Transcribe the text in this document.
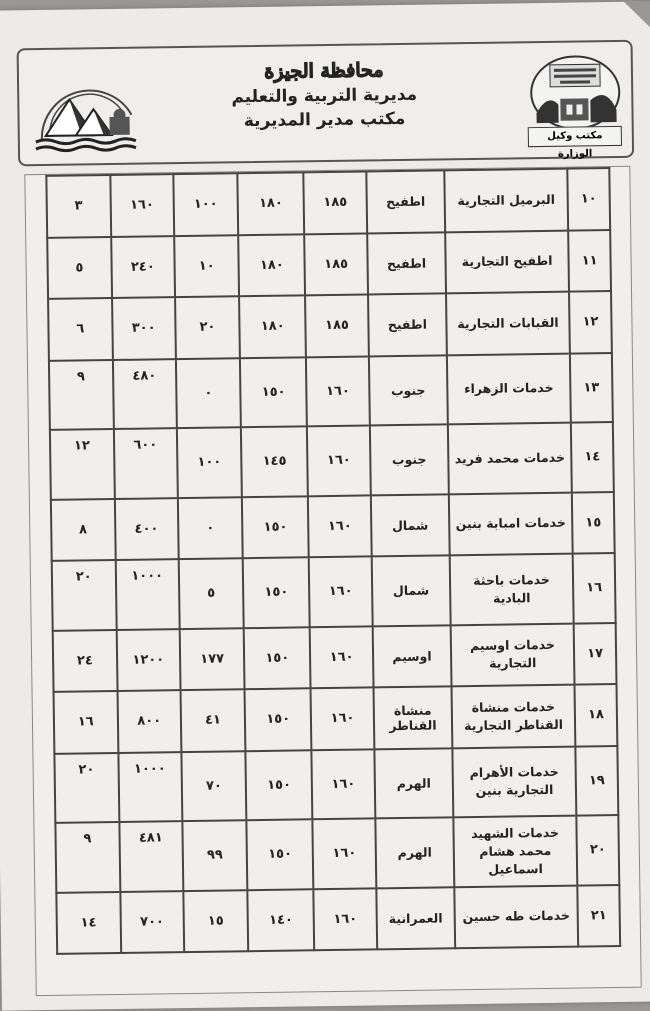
مكتب وكيل الوزارة
محافظة الجيزة
مديرية التربية والتعليم
مكتب مدير المديرية
١٠	البرميل التجارية	اطفيح	١٨٥	١٨٠	١٠٠	١٦٠	٣
١١	اطفيح التجارية	اطفيح	١٨٥	١٨٠	١٠	٢٤٠	٥
١٢	القبابات التجارية	اطفيح	١٨٥	١٨٠	٢٠	٣٠٠	٦
١٣	خدمات الزهراء	جنوب	١٦٠	١٥٠	٠	٤٨٠	٩
١٤	خدمات محمد فريد	جنوب	١٦٠	١٤٥	١٠٠	٦٠٠	١٢
١٥	خدمات امبابة بنين	شمال	١٦٠	١٥٠	٠	٤٠٠	٨
١٦	خدمات باحثة البادية	شمال	١٦٠	١٥٠	٥	١٠٠٠	٢٠
١٧	خدمات اوسيم التجارية	اوسيم	١٦٠	١٥٠	١٧٧	١٢٠٠	٢٤
١٨	خدمات منشاة القناطر التجارية	منشاة القناطر	١٦٠	١٥٠	٤١	٨٠٠	١٦
١٩	خدمات الأهرام التجارية بنين	الهرم	١٦٠	١٥٠	٧٠	١٠٠٠	٢٠
٢٠	خدمات الشهيد محمد هشام اسماعيل	الهرم	١٦٠	١٥٠	٩٩	٤٨١	٩
٢١	خدمات طه حسين	العمرانية	١٦٠	١٤٠	١٥	٧٠٠	١٤
